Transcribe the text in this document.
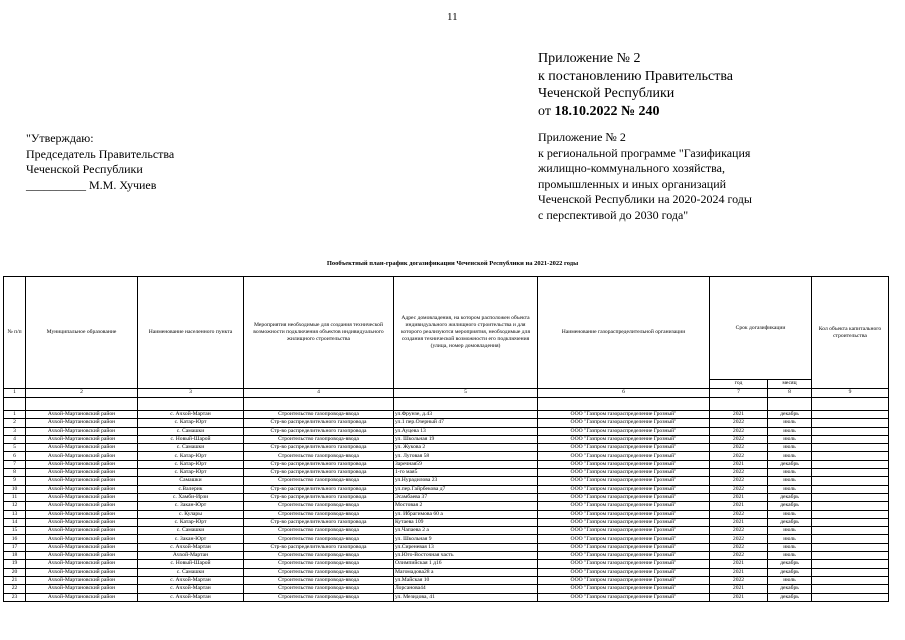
11
Приложение № 2
к постановлению Правительства
Чеченской Республики
от 18.10.2022 № 240
"Утверждаю:
Председатель Правительства
Чеченской Республики
__________ М.М. Хучиев
Приложение № 2
к региональной программе "Газификация
жилищно-коммунального хозяйства,
промышленных и иных организаций
Чеченской Республики на 2020-2024 годы
с перспективой до 2030 года"
Пообъектный план-график догазификации Чеченской Республики на 2021-2022 годы
№ п/п	Муниципальное образование	Наименование населенного пункта	Мероприятия необходимые для создания технической возможности подключения объектов индивидуального жилищного строительства	Адрес домовладения, на котором расположен объекта индивидуального жилищного строительства и для которого реализуются мероприятия, необходимые для создания технической возможности его подключения (улица, номер домовладения)	Наименование газораспределительной организации	Срок догазификации		Кол объекта капитального строительства
						год	месяц	
1	2	3	4	5	6	7	8	9

1	Ачхой-Мартановский район	с. Ачхой-Мартан	Строительство газопровода-ввода	ул.Фрунзе, д.43	ООО "Газпром газораспределение Грозный"	2021	декабрь	
2	Ачхой-Мартановский район	с. Катар-Юрт	Стр-во распределительного газопровода	ул.1 пер.Озерный 47	ООО "Газпром газораспределение Грозный"	2022	июль	
3	Ачхой-Мартановский район	с. Самашки	Стр-во распределительного газопровода	ул.Ауцева 13	ООО "Газпром газораспределение Грозный"	2022	июль	
4	Ачхой-Мартановский район	с. Новый-Шарой	Строительство газопровода-ввода	ул. Школьная 19	ООО "Газпром газораспределение Грозный"	2022	июль	
5	Ачхой-Мартановский район	с. Самашки	Стр-во распределительного газопровода	ул. Жукова 2	ООО "Газпром газораспределение Грозный"	2022	июль	
6	Ачхой-Мартановский район	с. Катар-Юрт	Строительство газопровода-ввода	ул. Луговая 58	ООО "Газпром газораспределение Грозный"	2022	июль	
7	Ачхой-Мартановский район	с. Катар-Юрт	Стр-во распределительного газопровода	Заречная59	ООО "Газпром газораспределение Грозный"	2021	декабрь	
8	Ачхой-Мартановский район	с. Катар-Юрт	Стр-во распределительного газопровода	1-го мая5	ООО "Газпром газораспределение Грозный"	2022	июль	
9	Ачхой-Мартановский район	Самашки	Строительство газопровода-ввода	ул.Нурадилова 23	ООО "Газпром газораспределение Грозный"	2022	июль	
10	Ачхой-Мартановский район	с.Валерик	Стр-во распределительного газопровода	ул.пер.Гайрбекова д7	ООО "Газпром газораспределение Грозный"	2022	июль	
11	Ачхой-Мартановский район	с. Хамби-Ирзи	Стр-во распределительного газопровода	Эсамбаева 37	ООО "Газпром газораспределение Грозный"	2021	декабрь	
12	Ачхой-Мартановский район	с. Закан-Юрт	Строительство газопровода-ввода	Мостовая 2	ООО "Газпром газораспределение Грозный"	2021	декабрь	
13	Ачхой-Мартановский район	с. Кулары	Строительство газопровода-ввода	ул. Ибрагимова 60 а	ООО "Газпром газораспределение Грозный"	2022	июль	
14	Ачхой-Мартановский район	с. Катар-Юрт	Стр-во распределительного газопровода	Кутаева 109	ООО "Газпром газораспределение Грозный"	2021	декабрь	
15	Ачхой-Мартановский район	с. Самашки	Строительство газопровода-ввода	ул.Чапаева 2 а	ООО "Газпром газораспределение Грозный"	2022	июль	
16	Ачхой-Мартановский район	с. Закан-Юрт	Строительство газопровода-ввода	ул. Школьная 9	ООО "Газпром газораспределение Грозный"	2022	июль	
17	Ачхой-Мартановский район	с. Ачхой-Мартан	Стр-во распределительного газопровода	ул.Сиреневая 13	ООО "Газпром газораспределение Грозный"	2022	июль	
18	Ачхой-Мартановский район	Ачхой-Мартан	Строительство газопровода-ввода	ул.Юго-Восточная часть	ООО "Газпром газораспределение Грозный"	2022	июль	
19	Ачхой-Мартановский район	с. Новый-Шарой	Строительство газопровода-ввода	Олимпийская 1 д16	ООО "Газпром газораспределение Грозный"	2021	декабрь	
20	Ачхой-Мартановский район	с. Самашки	Строительство газопровода-ввода	Магомадова28 а	ООО "Газпром газораспределение Грозный"	2021	декабрь	
21	Ачхой-Мартановский район	с. Ачхой-Мартан	Строительство газопровода-ввода	ул.Майская 10	ООО "Газпром газораспределение Грозный"	2022	июль	
22	Ачхой-Мартановский район	с. Ачхой-Мартан	Строительство газопровода-ввода	Лорсанова44	ООО "Газпром газораспределение Грозный"	2021	декабрь	
23	Ачхой-Мартановский район	с. Ачхой-Мартан	Строительство газопровода-ввода	ул. Мезидова, 41	ООО "Газпром газораспределение Грозный"	2021	декабрь	
